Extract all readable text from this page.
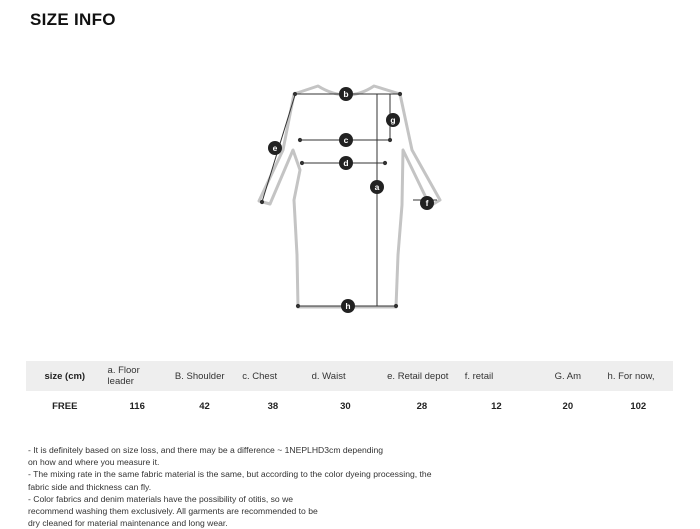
SIZE INFO
b
g
c
e
d
a
f
h
size (cm)	a. Floor leader	B. Shoulder	c. Chest	d. Waist	e. Retail depot	f. retail	G. Am	h. For now,
FREE	116	42	38	30	28	12	20	102

- It is definitely based on size loss, and there may be a difference ~ 1NEPLHD3cm depending

on how and where you measure it.

- The mixing rate in the same fabric material is the same, but according to the color dyeing processing, the

fabric side and thickness can fly.

- Color fabrics and denim materials have the possibility of otitis, so we

recommend washing them exclusively. All garments are recommended to be

dry cleaned for material maintenance and long wear.
